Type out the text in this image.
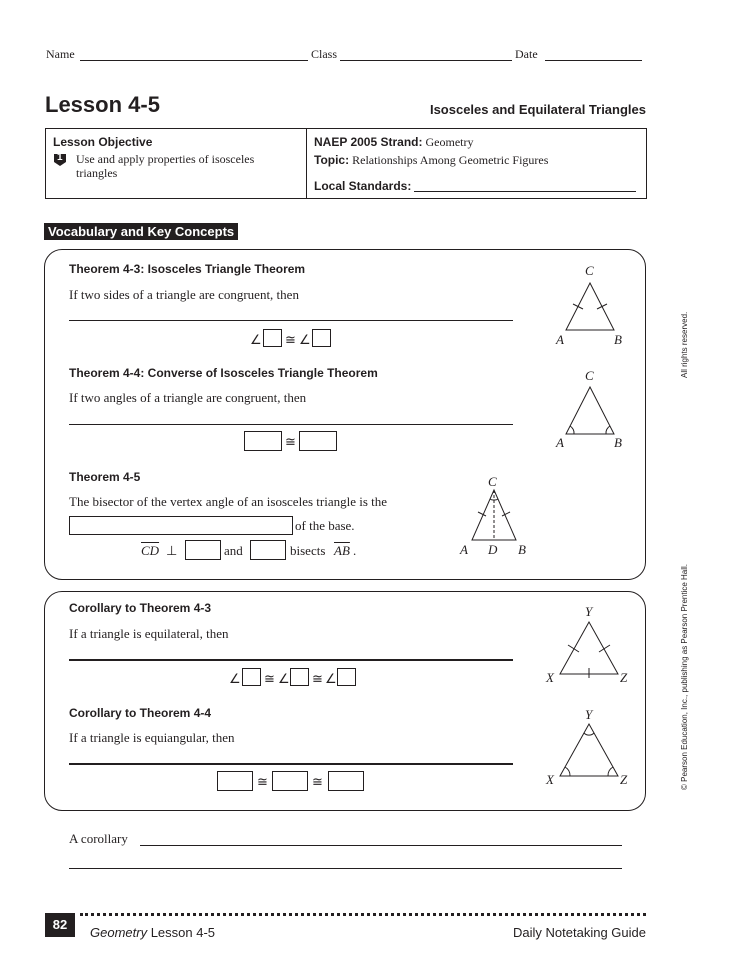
Name	Class	Date
Lesson 4-5	Isosceles and Equilateral Triangles
Lesson Objective
1 Use and apply properties of isosceles
triangles
NAEP 2005 Strand: Geometry
Topic: Relationships Among Geometric Figures
Local Standards:
Vocabulary and Key Concepts
Theorem 4-3: Isosceles Triangle Theorem
If two sides of a triangle are congruent, then
∠ ≅ ∠
C
A	B
Theorem 4-4: Converse of Isosceles Triangle Theorem
If two angles of a triangle are congruent, then
≅
C
A	B
Theorem 4-5
The bisector of the vertex angle of an isosceles triangle is the
of the base.
$\overline{CD}$ ⊥	and	bisects $\overline{AB}$ .
C
A D B
Corollary to Theorem 4-3
If a triangle is equilateral, then
∠ ≅ ∠ ≅ ∠
Y
X	Z
Corollary to Theorem 4-4
If a triangle is equiangular, then
≅	≅
Y
X	Z
A corollary
All rights reserved.
© Pearson Education, Inc., publishing as Pearson Prentice Hall.
82
Geometry Lesson 4-5	Daily Notetaking Guide
